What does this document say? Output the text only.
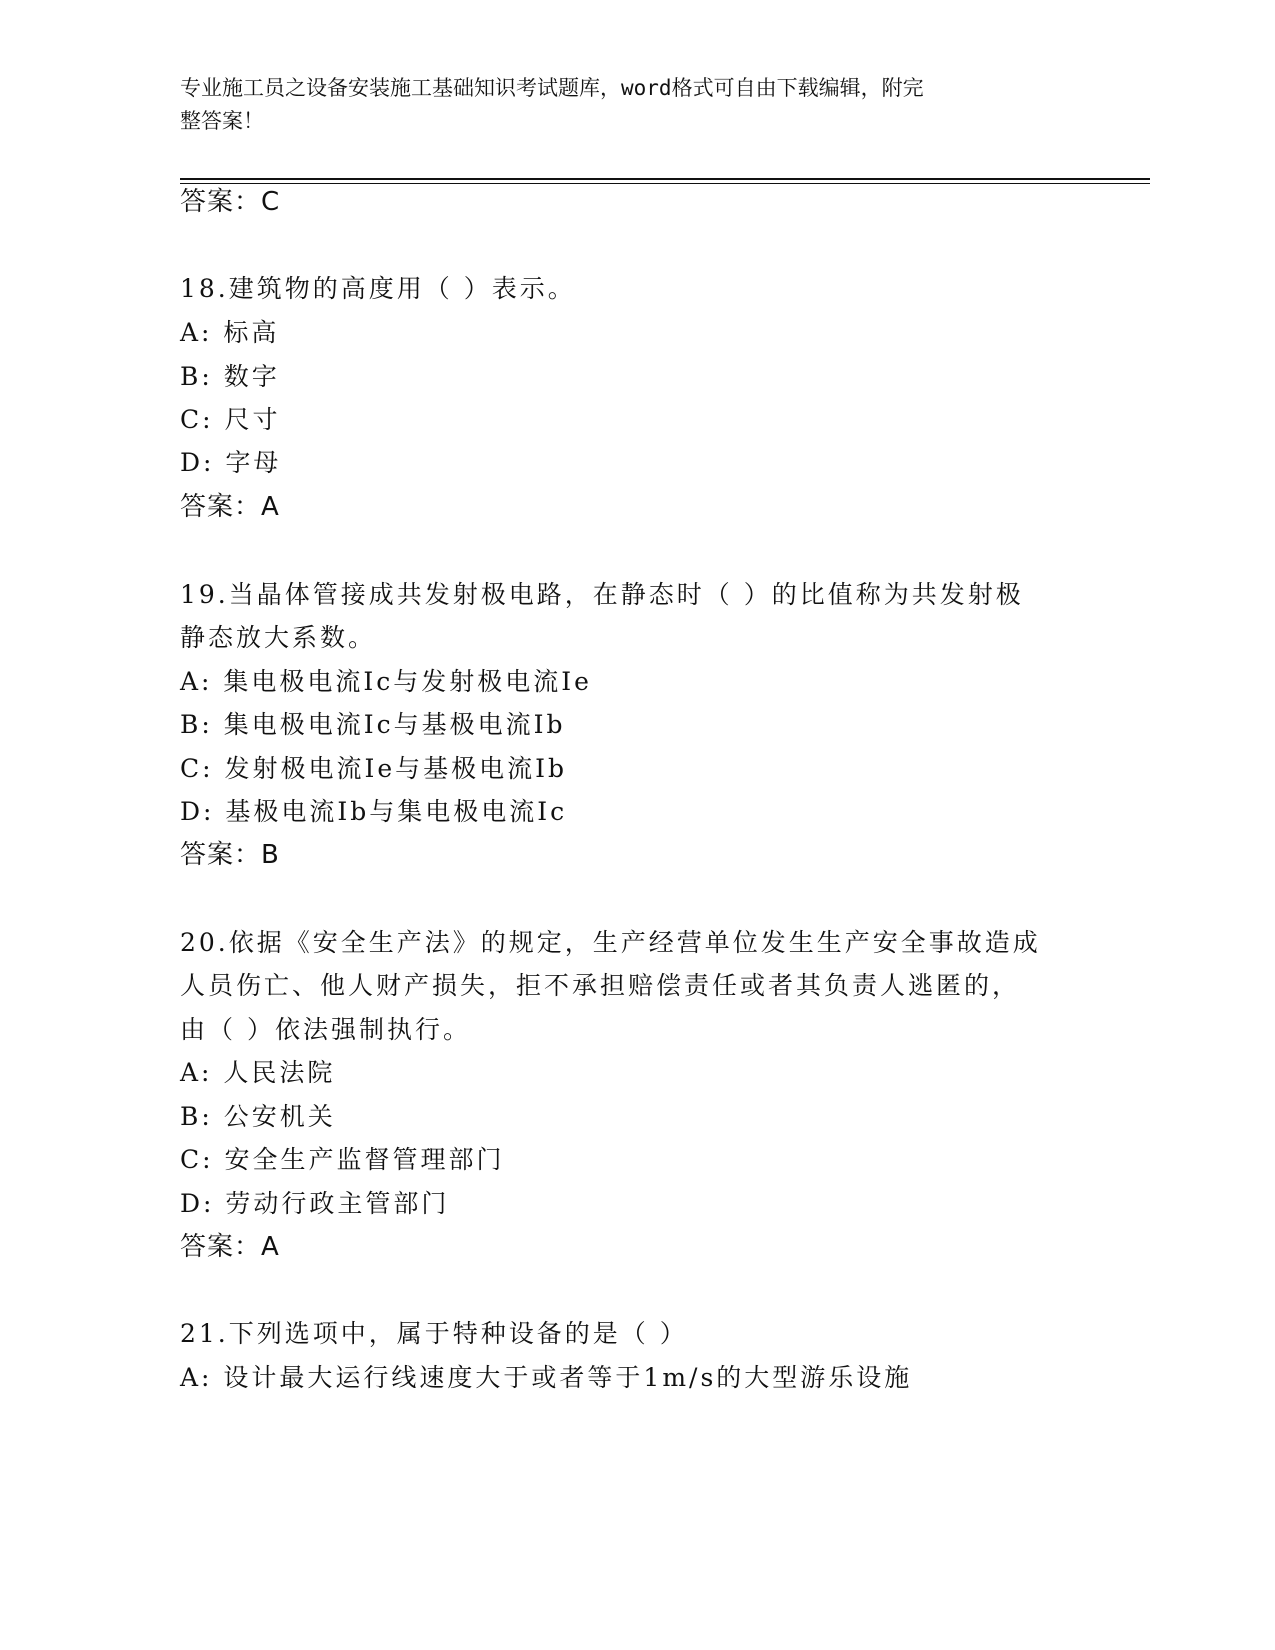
专业施工员之设备安装施工基础知识考试题库，word格式可自由下载编辑，附完
整答案！
答案：C
18.建筑物的高度用（ ）表示。
A: 标高
B: 数字
C: 尺寸
D: 字母
答案：A
19.当晶体管接成共发射极电路，在静态时（ ）的比值称为共发射极
静态放大系数。
A: 集电极电流Ic与发射极电流Ie
B: 集电极电流Ic与基极电流Ib
C: 发射极电流Ie与基极电流Ib
D: 基极电流Ib与集电极电流Ic
答案：B
20.依据《安全生产法》的规定，生产经营单位发生生产安全事故造成
人员伤亡、他人财产损失，拒不承担赔偿责任或者其负责人逃匿的，
由（ ）依法强制执行。
A: 人民法院
B: 公安机关
C: 安全生产监督管理部门
D: 劳动行政主管部门
答案：A
21.下列选项中，属于特种设备的是（ ）
A: 设计最大运行线速度大于或者等于1m/s的大型游乐设施
